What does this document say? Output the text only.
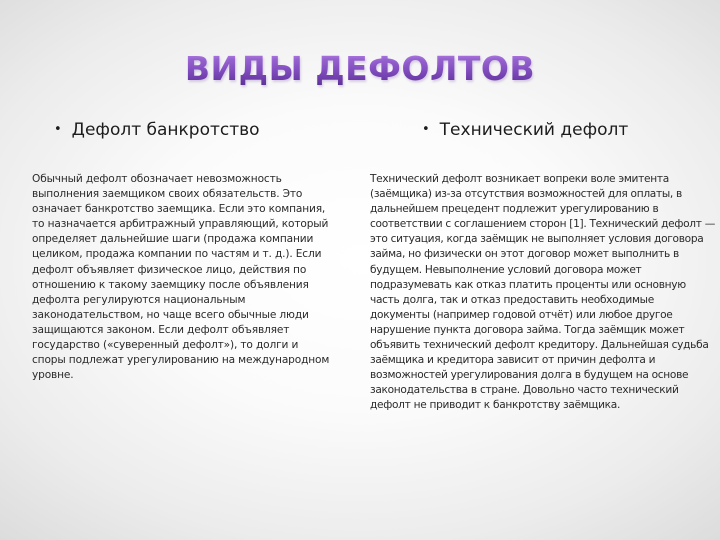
ВИДЫ ДЕФОЛТОВ
• Дефолт банкротство

Обычный дефолт обозначает невозможность выполнения заемщиком своих обязательств. Это означает банкротство заемщика. Если это компания, то назначается арбитражный управляющий, который определяет дальнейшие шаги (продажа компании целиком, продажа компании по частям и т. д.). Если дефолт объявляет физическое лицо, действия по отношению к такому заемщику после объявления дефолта регулируются национальным законодательством, но чаще всего обычные люди защищаются законом. Если дефолт объявляет государство («суверенный дефолт»), то долги и споры подлежат урегулированию на международном уровне.

• Технический дефолт

Технический дефолт возникает вопреки воле эмитента (заёмщика) из-за отсутствия возможностей для оплаты, в дальнейшем прецедент подлежит урегулированию в соответствии с соглашением сторон [1]. Технический дефолт — это ситуация, когда заёмщик не выполняет условия договора займа, но физически он этот договор может выполнить в будущем. Невыполнение условий договора может подразумевать как отказ платить проценты или основную часть долга, так и отказ предоставить необходимые документы (например годовой отчёт) или любое другое нарушение пункта договора займа. Тогда заёмщик может объявить технический дефолт кредитору. Дальнейшая судьба заёмщика и кредитора зависит от причин дефолта и возможностей урегулирования долга в будущем на основе законодательства в стране. Довольно часто технический дефолт не приводит к банкротству заёмщика.
